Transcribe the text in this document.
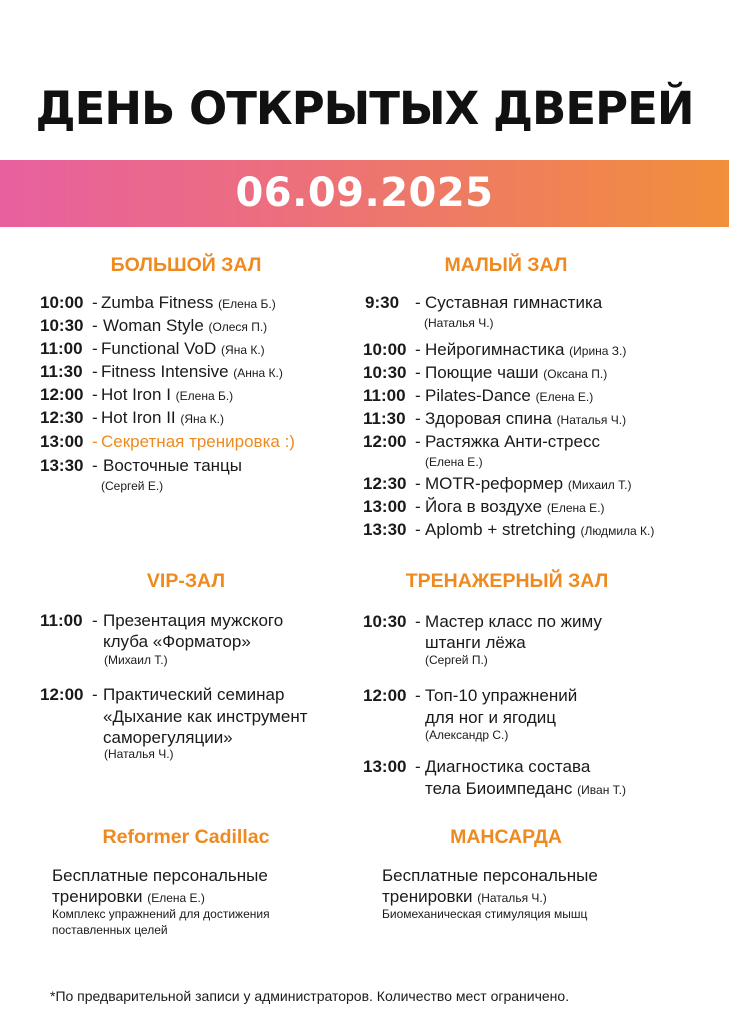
ДЕНЬ ОТКРЫТЫХ ДВЕРЕЙ
06.09.2025
БОЛЬШОЙ ЗАЛ
10:00 - Zumba Fitness (Елена Б.)
10:30 - Woman Style (Олеся П.)
11:00 - Functional VoD (Яна К.)
11:30 - Fitness Intensive (Анна К.)
12:00 - Hot Iron I (Елена Б.)
12:30 - Hot Iron II (Яна К.)
13:00 - Секретная тренировка :)
13:30 - Восточные танцы
(Сергей Е.)
МАЛЫЙ ЗАЛ
9:30 - Суставная гимнастика
(Наталья Ч.)
10:00 - Нейрогимнастика (Ирина З.)
10:30 - Поющие чаши (Оксана П.)
11:00 - Pilates-Dance (Елена Е.)
11:30 - Здоровая спина (Наталья Ч.)
12:00 - Растяжка Анти-стресс
(Елена Е.)
12:30 - MOTR-реформер (Михаил Т.)
13:00 - Йога в воздухе (Елена Е.)
13:30 - Aplomb + stretching (Людмила К.)
VIP-ЗАЛ
11:00 - Презентация мужского
клуба «Форматор»
(Михаил Т.)
12:00 - Практический семинар
«Дыхание как инструмент
саморегуляции»
(Наталья Ч.)
ТРЕНАЖЕРНЫЙ ЗАЛ
10:30 - Мастер класс по жиму
штанги лёжа
(Сергей П.)
12:00 - Топ-10 упражнений
для ног и ягодиц
(Александр С.)
13:00 - Диагностика состава
тела Биоимпеданс (Иван Т.)
Reformer Cadillac
Бесплатные персональные
тренировки (Елена Е.)
Комплекс упражнений для достижения
поставленных целей
МАНСАРДА
Бесплатные персональные
тренировки (Наталья Ч.)
Биомеханическая стимуляция мышц
*По предварительной записи у администраторов. Количество мест ограничено.
